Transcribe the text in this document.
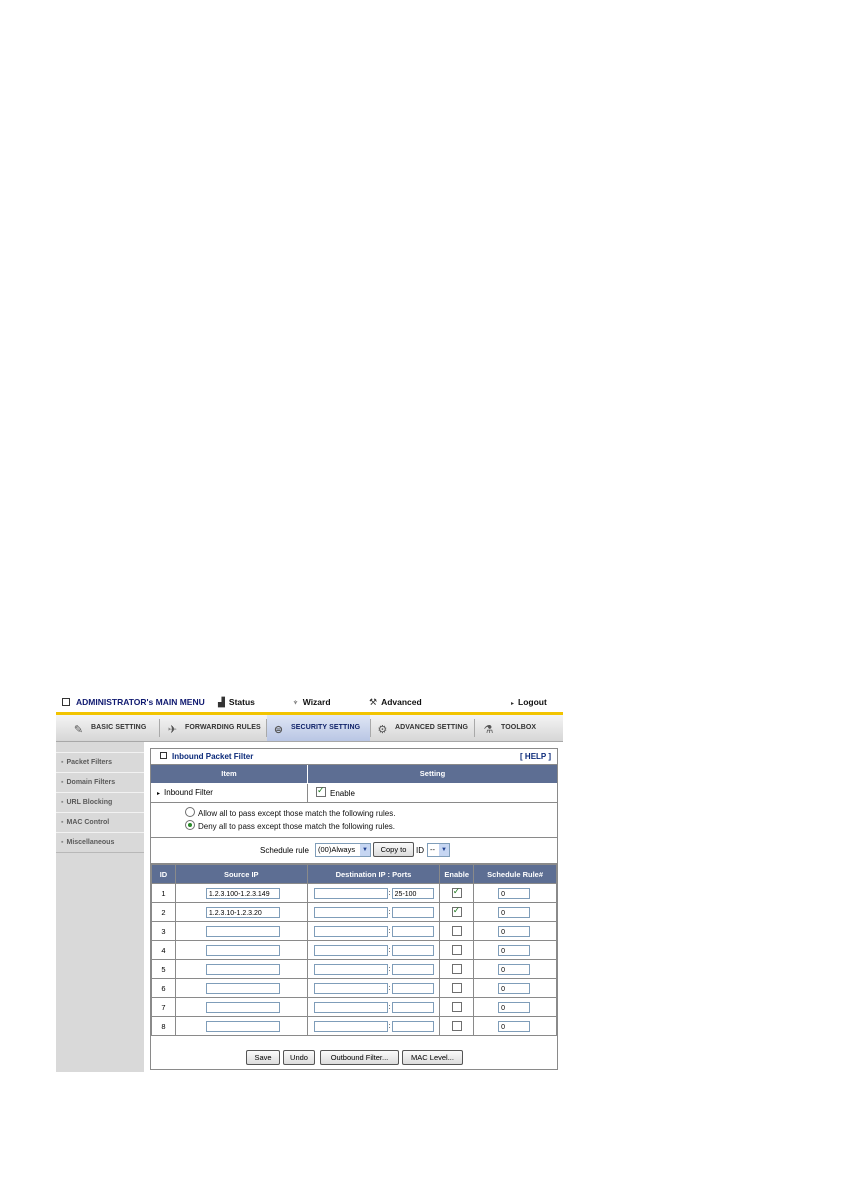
ADMINISTRATOR's MAIN MENU ▟ Status	♆ Wizard	⚒ Advanced	▸ Logout
✎ BASIC SETTING	✈ FORWARDING RULES	⊜ SECURITY SETTING	⚙ ADVANCED SETTING	⚗ TOOLBOX
▪ Packet Filters
▪ Domain Filters
▪ URL Blocking
▪ MAC Control
▪ Miscellaneous
Inbound Packet Filter	[ HELP ]
Item	Setting
▸ Inbound Filter ✓	Enable
Allow all to pass except those match the following rules.
Deny all to pass except those match the following rules.
Schedule rule	(00)Always	▼	Copy to	ID --	▼
ID	Source IP	Destination IP : Ports	Enable	Schedule Rule#
1	1.2.3.100-1.2.3.149	: 25-100	✓	0
2	1.2.3.10-1.2.3.20	:	✓	0
3		:		0
4		:		0
5		:		0
6		:		0
7		:		0
8		:		0
Save	Undo	Outbound Filter...	MAC Level...
